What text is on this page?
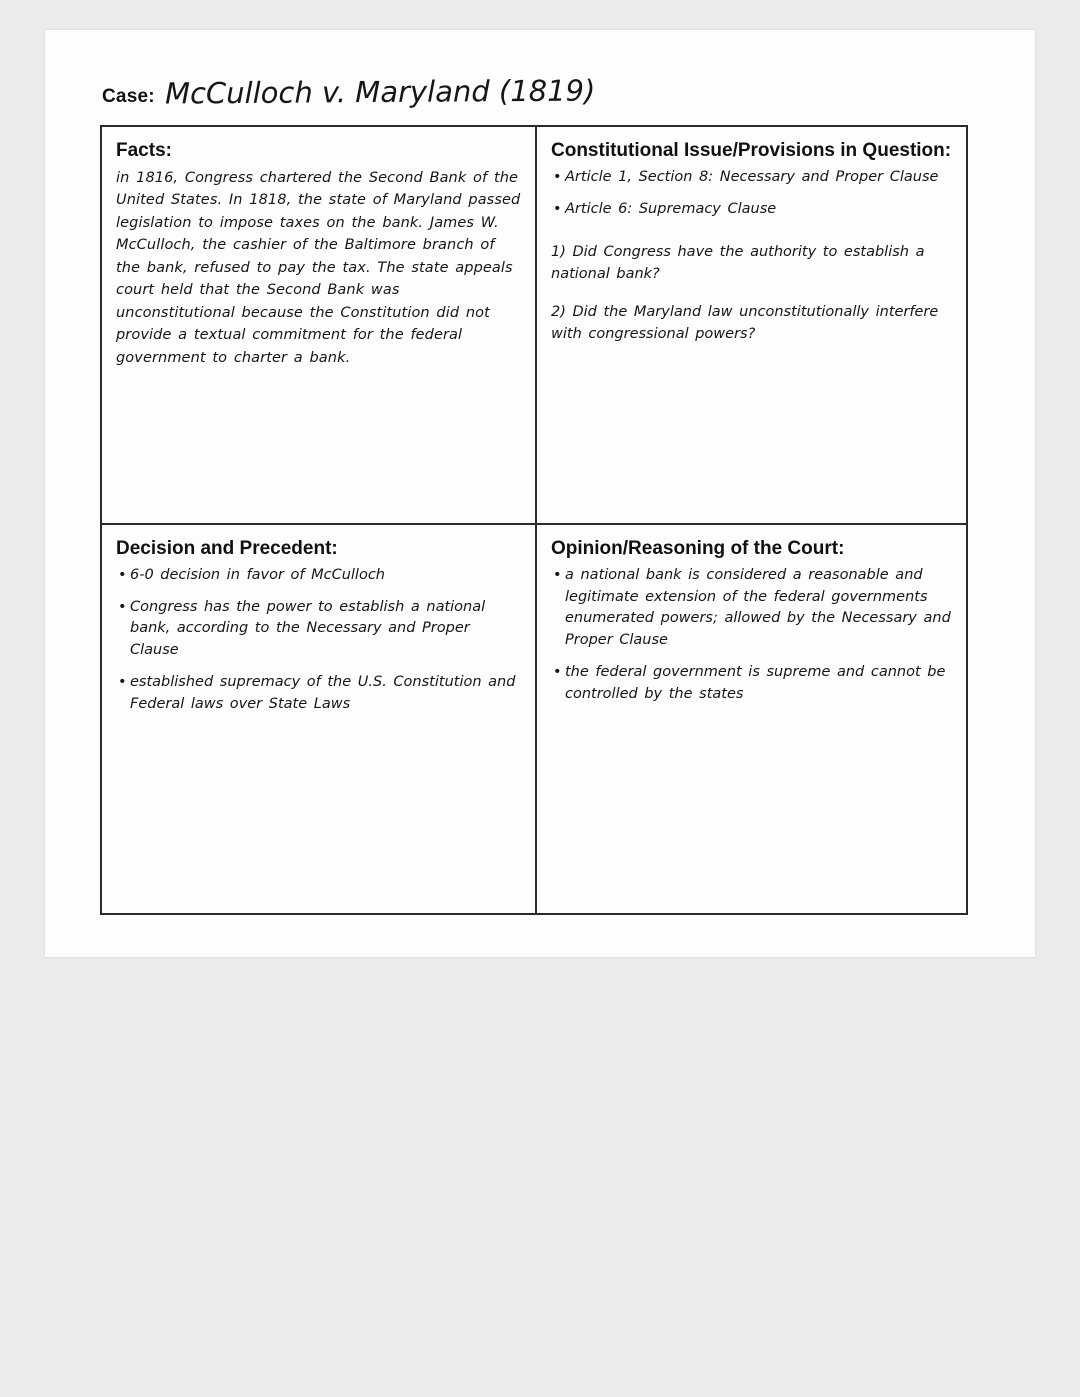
Case: McCulloch v. Maryland (1819)
Facts:
in 1816, Congress chartered the Second Bank of the United States. In 1818, the state of Maryland passed legislation to impose taxes on the bank. James W. McCulloch, the cashier of the Baltimore branch of the bank, refused to pay the tax. The state appeals court held that the Second Bank was unconstitutional because the Constitution did not provide a textual commitment for the federal government to charter a bank.
Constitutional Issue/Provisions in Question:
• Article 1, Section 8: Necessary and Proper Clause
• Article 6: Supremacy Clause
1) Did Congress have the authority to establish a national bank?
2) Did the Maryland law unconstitutionally interfere with congressional powers?
Decision and Precedent:
• 6-0 decision in favor of McCulloch
• Congress has the power to establish a national bank, according to the Necessary and Proper Clause
• established supremacy of the U.S. Constitution and Federal laws over State Laws
Opinion/Reasoning of the Court:
• a national bank is considered a reasonable and legitimate extension of the federal governments enumerated powers; allowed by the Necessary and Proper Clause
• the federal government is supreme and cannot be controlled by the states
